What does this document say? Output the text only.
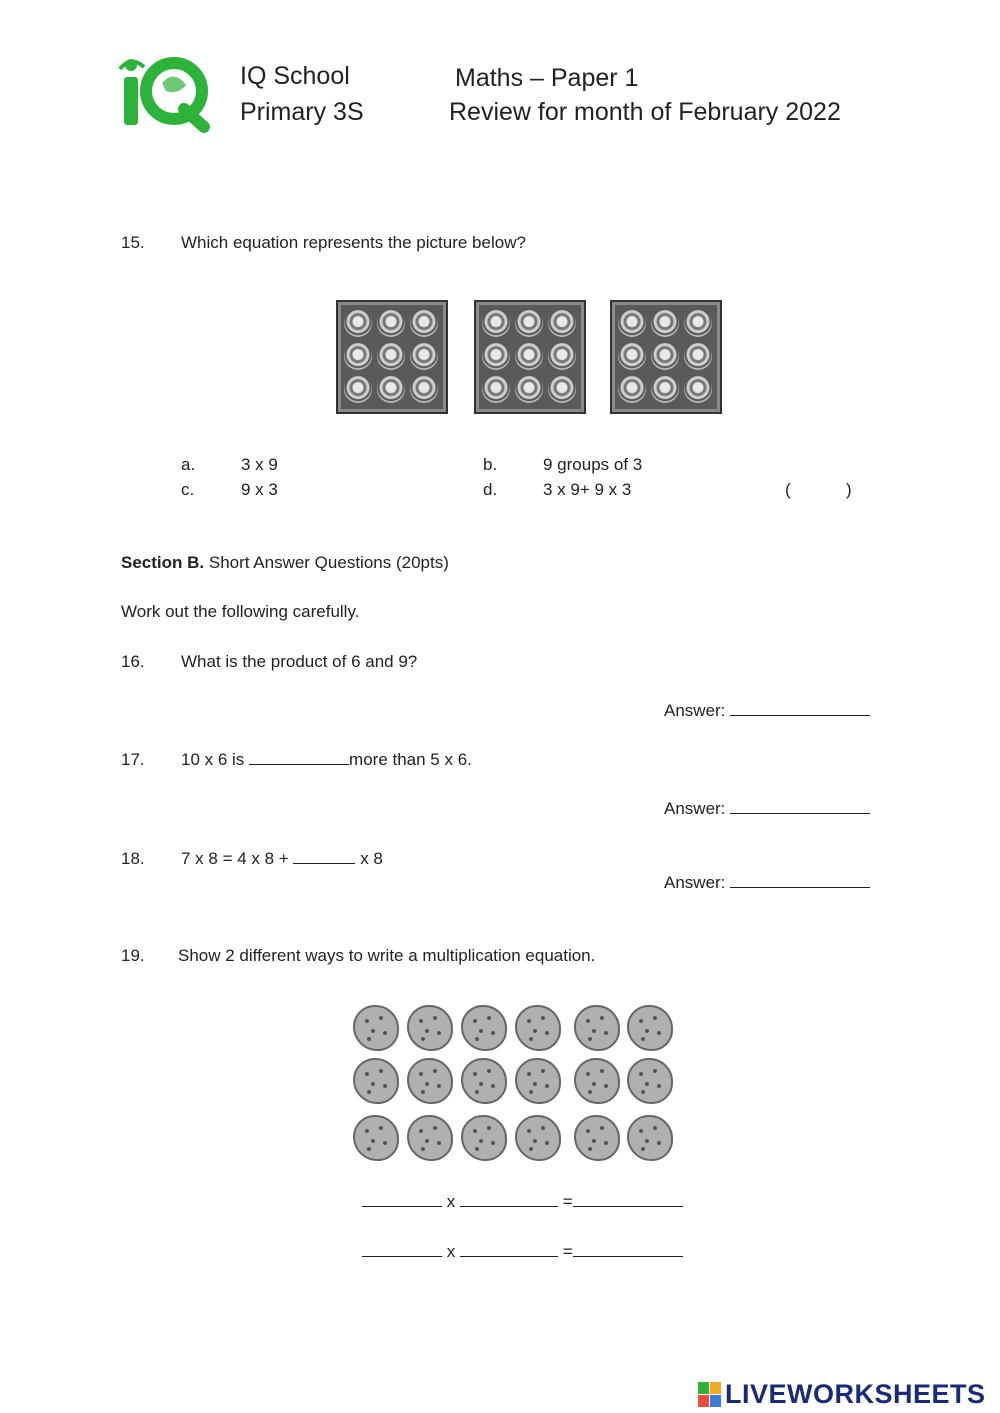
IQ School
Primary 3S
Maths – Paper 1
Review for month of February 2022
15. Which equation represents the picture below?
a.	3 x 9	b.	9 groups of 3
c.	9 x 3	d.	3 x 9+ 9 x 3	(	)
Section B. Short Answer Questions (20pts)
Work out the following carefully.
16. What is the product of 6 and 9?
Answer:
17. 10 x 6 is	more than 5 x 6.
Answer:
18. 7 x 8 = 4 x 8 +	x 8
Answer:
19. Show 2 different ways to write a multiplication equation.
x	=
x	=
LIVEWORKSHEETS
